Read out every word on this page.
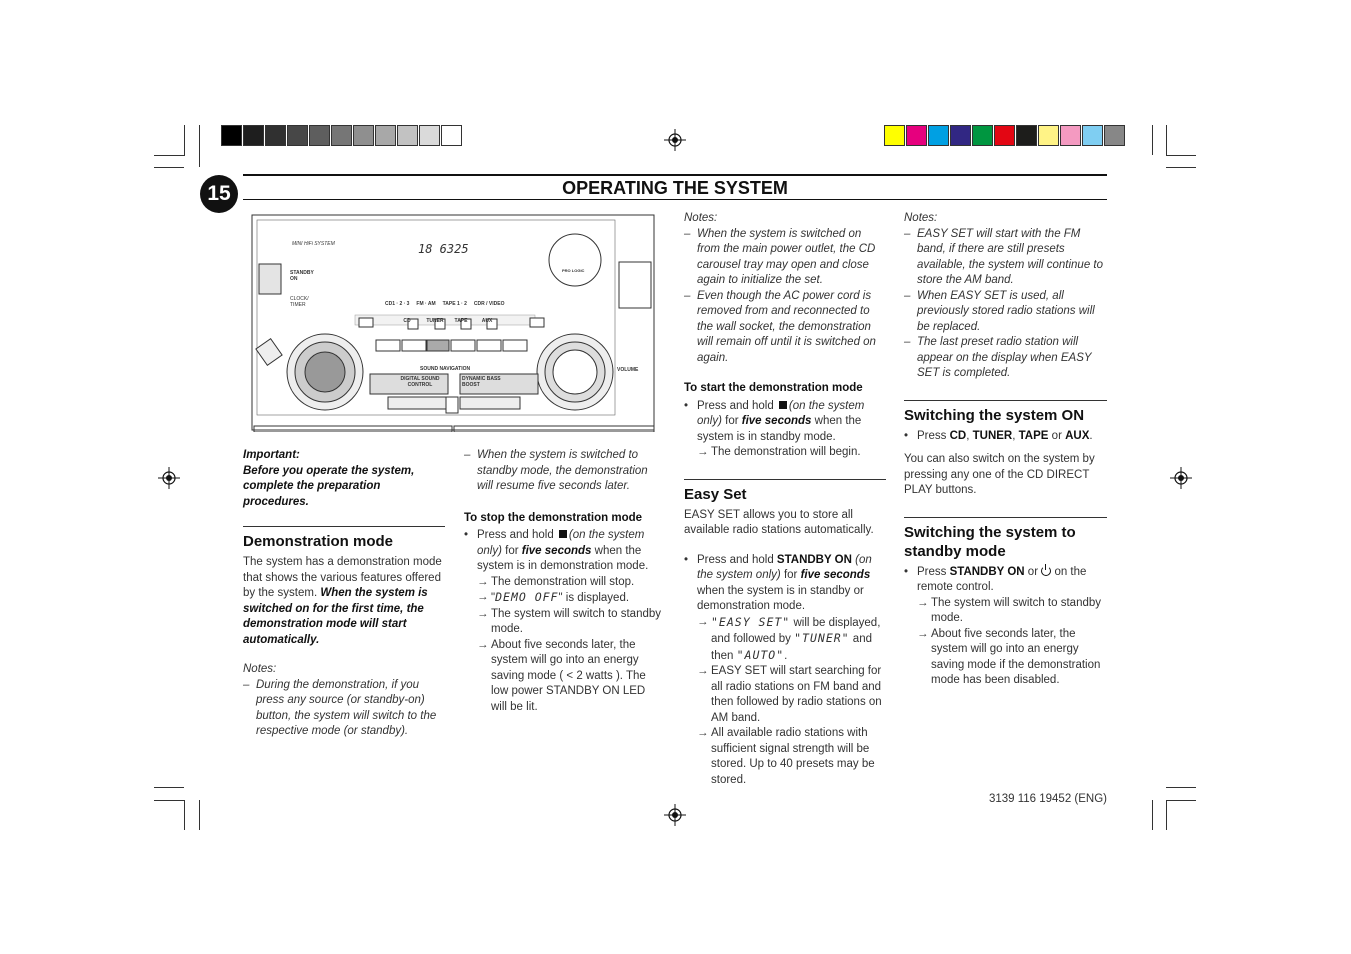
15	OPERATING THE SYSTEM
MINI HiFi SYSTEM
STANDBY ON
CLOCK/ TIMER
18 6325
CD1 · 2 · 3     FM · AM     TAPE 1 · 2     CDR / VIDEO
CD	TUNER	TAPE	AUX
PRO LOGIC
SOUND NAVIGATION
DIGITAL SOUND CONTROL
DYNAMIC BASS BOOST
VOLUME
Important:
Before you operate the system, complete the preparation procedures.
Demonstration mode
The system has a demonstration mode that shows the various features offered by the system. When the system is switched on for the first time, the demonstration mode will start automatically.
Notes:
– During the demonstration, if you press any source (or standby-on) button, the system will switch to the respective mode (or standby).
– When the system is switched to standby mode, the demonstration will resume five seconds later.
To stop the demonstration mode
• Press and hold (on the system only) for five seconds when the system is in demonstration mode.
→ The demonstration will stop.
→ "DEMO OFF" is displayed.
→ The system will switch to standby mode.
→ About five seconds later, the system will go into an energy saving mode ( < 2 watts ). The low power STANDBY ON LED will be lit.
Notes:
– When the system is switched on from the main power outlet, the CD carousel tray may open and close again to initialize the set.
– Even though the AC power cord is removed from and reconnected to the wall socket, the demonstration will remain off until it is switched on again.
To start the demonstration mode
• Press and hold (on the system only) for five seconds when the system is in standby mode.
→ The demonstration will begin.
Easy Set
EASY SET allows you to store all available radio stations automatically.
• Press and hold STANDBY ON (on the system only) for five seconds when the system is in standby or demonstration mode.
→ "EASY SET" will be displayed, and followed by "TUNER" and then "AUTO".
→ EASY SET will start searching for all radio stations on FM band and then followed by radio stations on AM band.
→ All available radio stations with sufficient signal strength will be stored. Up to 40 presets may be stored.
Notes:
– EASY SET will start with the FM band, if there are still presets available, the system will continue to store the AM band.
– When EASY SET is used, all previously stored radio stations will be replaced.
– The last preset radio station will appear on the display when EASY SET is completed.
Switching the system ON
• Press CD, TUNER, TAPE or AUX.
You can also switch on the system by pressing any one of the CD DIRECT PLAY buttons.
Switching the system to standby mode
• Press STANDBY ON or on the remote control.
→ The system will switch to standby mode.
→ About five seconds later, the system will go into an energy saving mode if the demonstration mode has been disabled.
3139 116 19452 (ENG)
